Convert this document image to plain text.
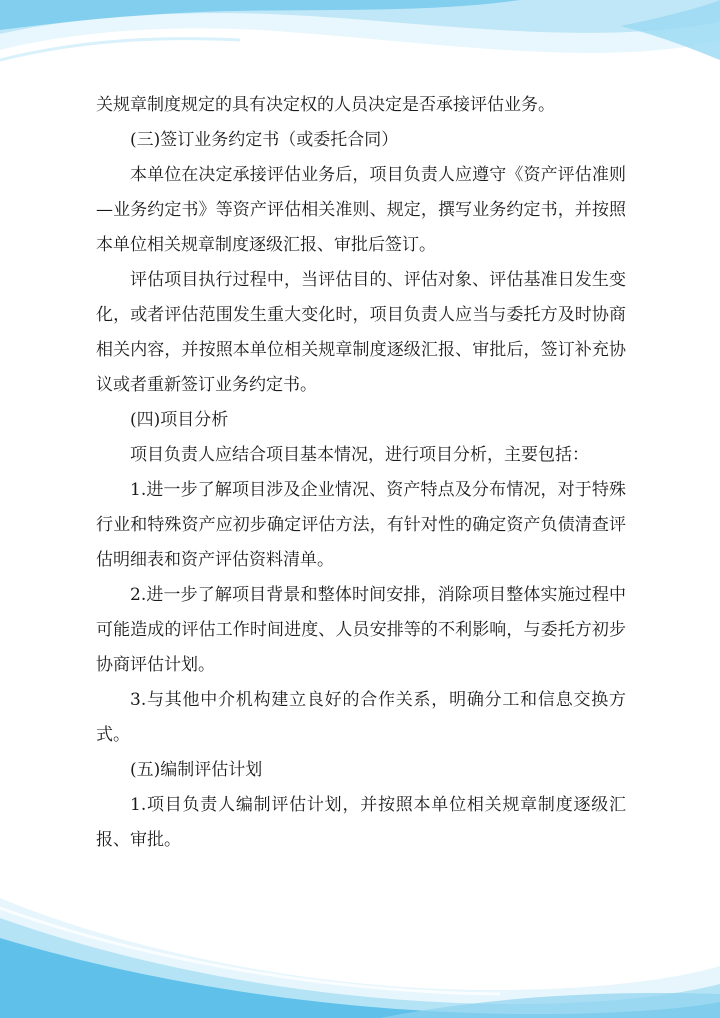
关规章制度规定的具有决定权的人员决定是否承接评估业务。

(三)签订业务约定书（或委托合同）

本单位在决定承接评估业务后，项目负责人应遵守《资产评估准则—业务约定书》等资产评估相关准则、规定，撰写业务约定书，并按照本单位相关规章制度逐级汇报、审批后签订。

评估项目执行过程中，当评估目的、评估对象、评估基准日发生变化，或者评估范围发生重大变化时，项目负责人应当与委托方及时协商相关内容，并按照本单位相关规章制度逐级汇报、审批后，签订补充协议或者重新签订业务约定书。

(四)项目分析

项目负责人应结合项目基本情况，进行项目分析，主要包括：

1.进一步了解项目涉及企业情况、资产特点及分布情况，对于特殊行业和特殊资产应初步确定评估方法，有针对性的确定资产负债清查评估明细表和资产评估资料清单。

2.进一步了解项目背景和整体时间安排，消除项目整体实施过程中可能造成的评估工作时间进度、人员安排等的不利影响，与委托方初步协商评估计划。

3.与其他中介机构建立良好的合作关系，明确分工和信息交换方式。

(五)编制评估计划

1.项目负责人编制评估计划，并按照本单位相关规章制度逐级汇报、审批。
